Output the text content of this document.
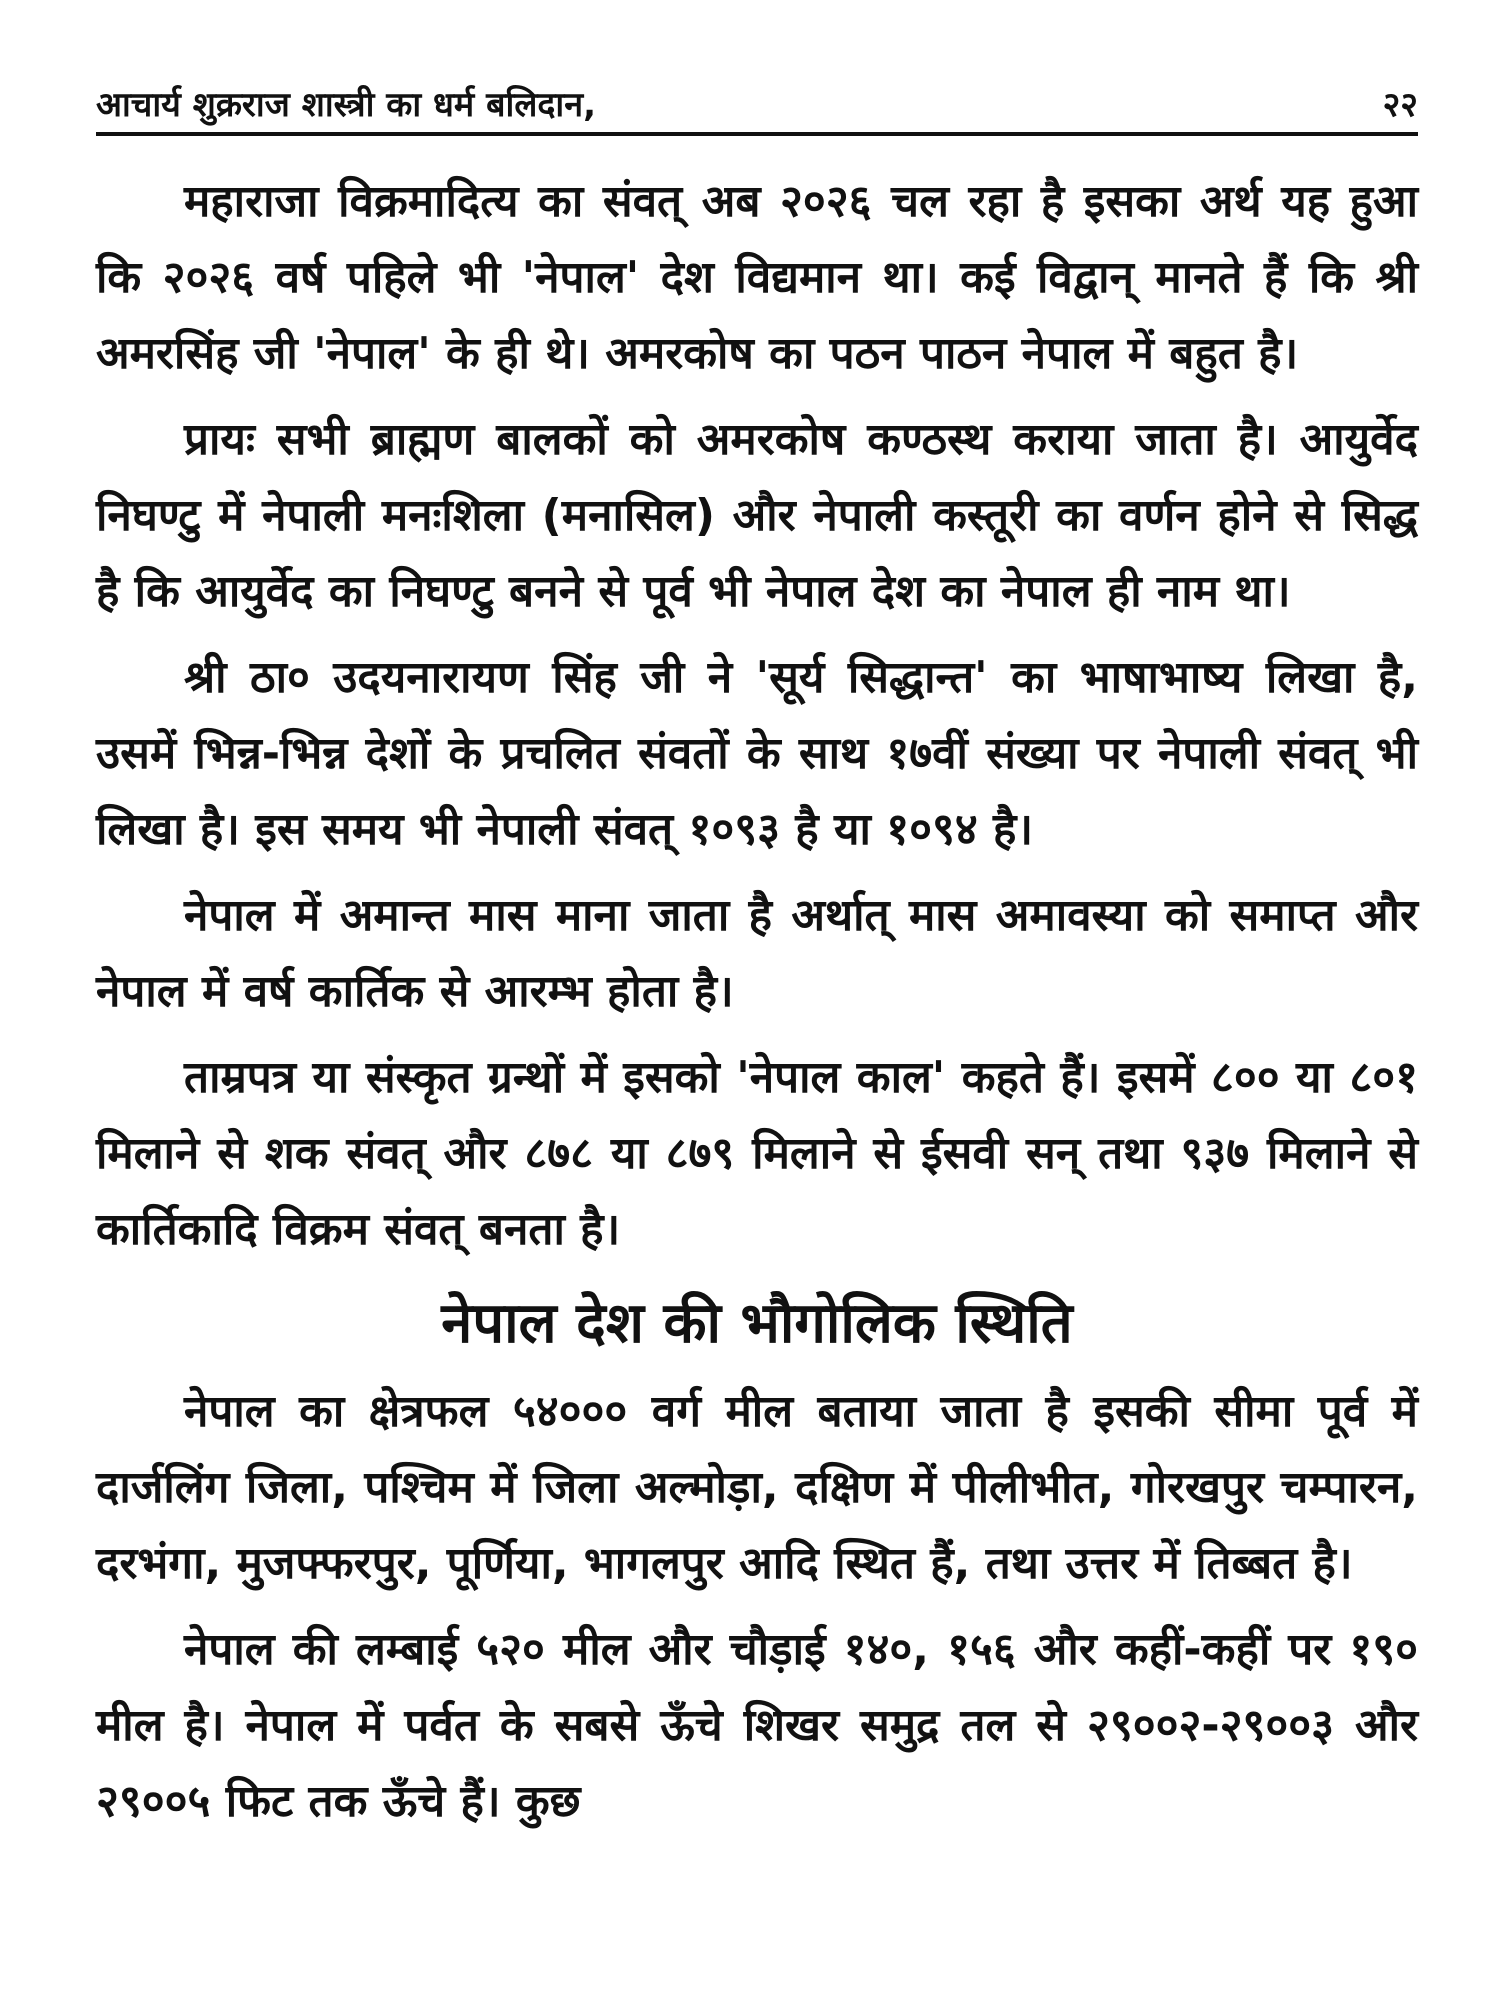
आचार्य शुक्रराज शास्त्री का धर्म बलिदान,	२२

महाराजा विक्रमादित्य का संवत् अब २०२६ चल रहा है इसका अर्थ यह हुआ कि २०२६ वर्ष पहिले भी 'नेपाल' देश विद्यमान था। कई विद्वान् मानते हैं कि श्री अमरसिंह जी 'नेपाल' के ही थे। अमरकोष का पठन पाठन नेपाल में बहुत है।

प्रायः सभी ब्राह्मण बालकों को अमरकोष कण्ठस्थ कराया जाता है। आयुर्वेद निघण्टु में नेपाली मनःशिला (मनासिल) और नेपाली कस्तूरी का वर्णन होने से सिद्ध है कि आयुर्वेद का निघण्टु बनने से पूर्व भी नेपाल देश का नेपाल ही नाम था।

श्री ठा० उदयनारायण सिंह जी ने 'सूर्य सिद्धान्त' का भाषाभाष्य लिखा है, उसमें भिन्न-भिन्न देशों के प्रचलित संवतों के साथ १७वीं संख्या पर नेपाली संवत् भी लिखा है। इस समय भी नेपाली संवत् १०९३ है या १०९४ है।

नेपाल में अमान्त मास माना जाता है अर्थात् मास अमावस्या को समाप्त और नेपाल में वर्ष कार्तिक से आरम्भ होता है।

ताम्रपत्र या संस्कृत ग्रन्थों में इसको 'नेपाल काल' कहते हैं। इसमें ८०० या ८०१ मिलाने से शक संवत् और ८७८ या ८७९ मिलाने से ईसवी सन् तथा ९३७ मिलाने से कार्तिकादि विक्रम संवत् बनता है।

नेपाल देश की भौगोलिक स्थिति

नेपाल का क्षेत्रफल ५४००० वर्ग मील बताया जाता है इसकी सीमा पूर्व में दार्जलिंग जिला, पश्चिम में जिला अल्मोड़ा, दक्षिण में पीलीभीत, गोरखपुर चम्पारन, दरभंगा, मुजफ्फरपुर, पूर्णिया, भागलपुर आदि स्थित हैं, तथा उत्तर में तिब्बत है।

नेपाल की लम्बाई ५२० मील और चौड़ाई १४०, १५६ और कहीं-कहीं पर १९० मील है। नेपाल में पर्वत के सबसे ऊँचे शिखर समुद्र तल से २९००२-२९००३ और २९००५ फिट तक ऊँचे हैं। कुछ
